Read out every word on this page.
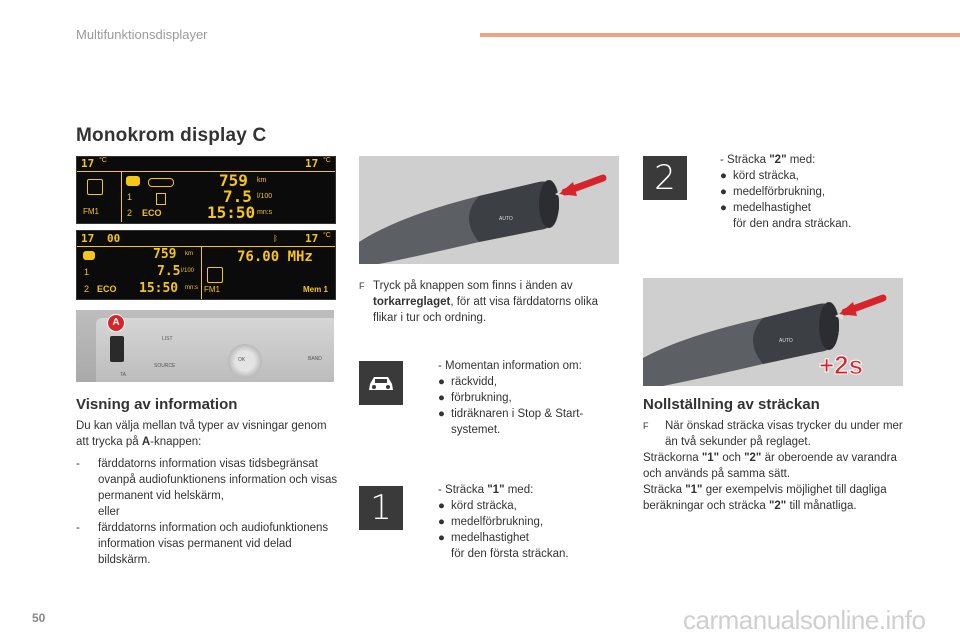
Multifunktionsdisplayer
Monokrom display C
17 °C	17 °C
FM1
1
2 ECO
759 km
7.5 l/100
15:50 mn:s
17 00	ᛒ 17 °C
1
2 ECO
759 km
7.5 l/100
15:50 mn:s
76.00 MHz
FM1	Mem 1
A
LIST
SOURCE
OK	BAND
TA
Visning av information
Du kan välja mellan två typer av visningar genom att trycka på A-knappen:
- färddatorns information visas tidsbegränsat ovanpå audiofunktionens information och visas permanent vid helskärm,
eller
- färddatorns information och audiofunktionens information visas permanent vid delad bildskärm.
AUTO
F Tryck på knappen som finns i änden av torkarreglaget, för att visa färddatorns olika flikar i tur och ordning.
- Momentan information om:
● räckvidd,
● förbrukning,
● tidräknaren i Stop & Start-systemet.
1	- Sträcka "1" med:
● körd sträcka,
● medelförbrukning,
● medelhastighet
för den första sträckan.
2	- Sträcka "2" med:
● körd sträcka,
● medelförbrukning,
● medelhastighet
för den andra sträckan.
AUTO
+2s
Nollställning av sträckan
F	När önskad sträcka visas trycker du under mer än två sekunder på reglaget.
Sträckorna "1" och "2" är oberoende av varandra och används på samma sätt.
Sträcka "1" ger exempelvis möjlighet till dagliga beräkningar och sträcka "2" till månatliga.
50	carmanualsonline.info
